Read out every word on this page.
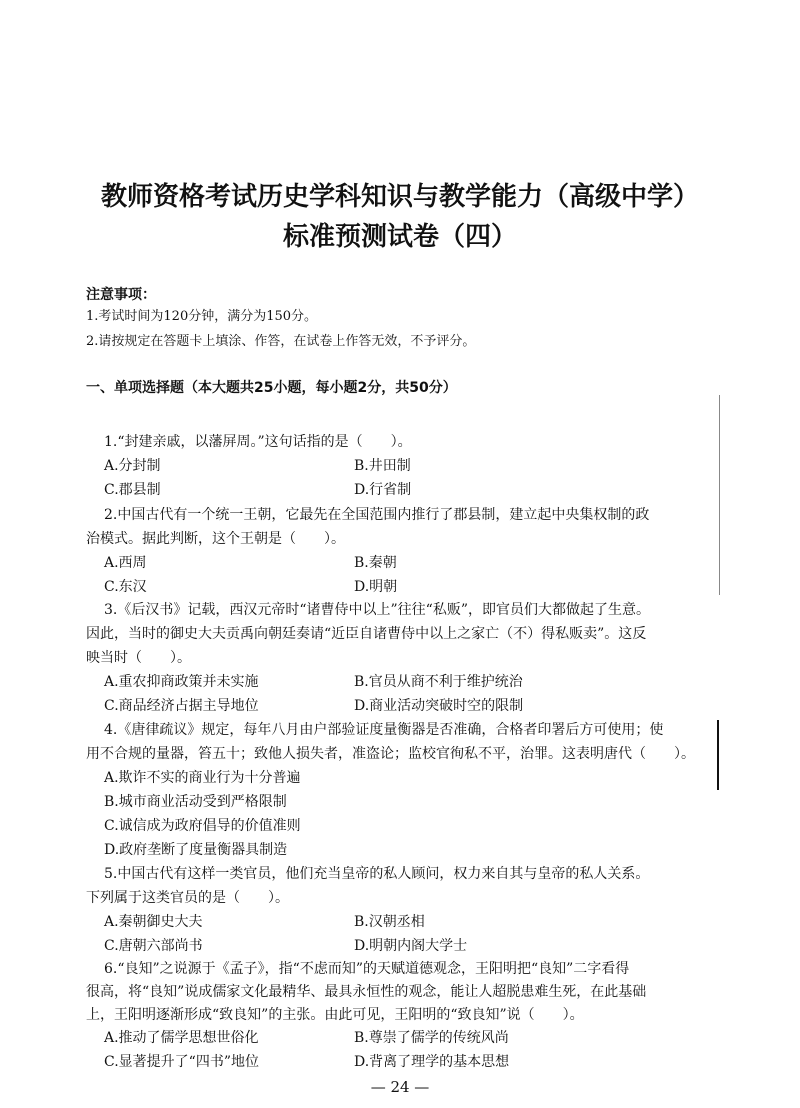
教师资格考试历史学科知识与教学能力（高级中学）
标准预测试卷（四）
注意事项：
1.考试时间为120分钟，满分为150分。
2.请按规定在答题卡上填涂、作答，在试卷上作答无效，不予评分。
一、单项选择题（本大题共25小题，每小题2分，共50分）
1.“封建亲戚，以藩屏周。”这句话指的是（　　）。
A.分封制	B.井田制
C.郡县制	D.行省制
2.中国古代有一个统一王朝，它最先在全国范围内推行了郡县制，建立起中央集权制的政
治模式。据此判断，这个王朝是（　　）。
A.西周	B.秦朝
C.东汉	D.明朝
3.《后汉书》记载，西汉元帝时“诸曹侍中以上”往往“私贩”，即官员们大都做起了生意。
因此，当时的御史大夫贡禹向朝廷奏请“近臣自诸曹侍中以上之家亡（不）得私贩卖”。这反
映当时（　　）。
A.重农抑商政策并未实施	B.官员从商不利于维护统治
C.商品经济占据主导地位	D.商业活动突破时空的限制
4.《唐律疏议》规定，每年八月由户部验证度量衡器是否准确，合格者印署后方可使用；使
用不合规的量器，笞五十；致他人损失者，准盗论；监校官徇私不平，治罪。这表明唐代（　　）。
A.欺诈不实的商业行为十分普遍
B.城市商业活动受到严格限制
C.诚信成为政府倡导的价值准则
D.政府垄断了度量衡器具制造
5.中国古代有这样一类官员，他们充当皇帝的私人顾问，权力来自其与皇帝的私人关系。
下列属于这类官员的是（　　）。
A.秦朝御史大夫	B.汉朝丞相
C.唐朝六部尚书	D.明朝内阁大学士
6.“良知”之说源于《孟子》，指“不虑而知”的天赋道德观念，王阳明把“良知”二字看得
很高，将“良知”说成儒家文化最精华、最具永恒性的观念，能让人超脱患难生死，在此基础
上，王阳明逐渐形成“致良知”的主张。由此可见，王阳明的“致良知”说（　　）。
A.推动了儒学思想世俗化	B.尊崇了儒学的传统风尚
C.显著提升了“四书”地位	D.背离了理学的基本思想
— 24 —
